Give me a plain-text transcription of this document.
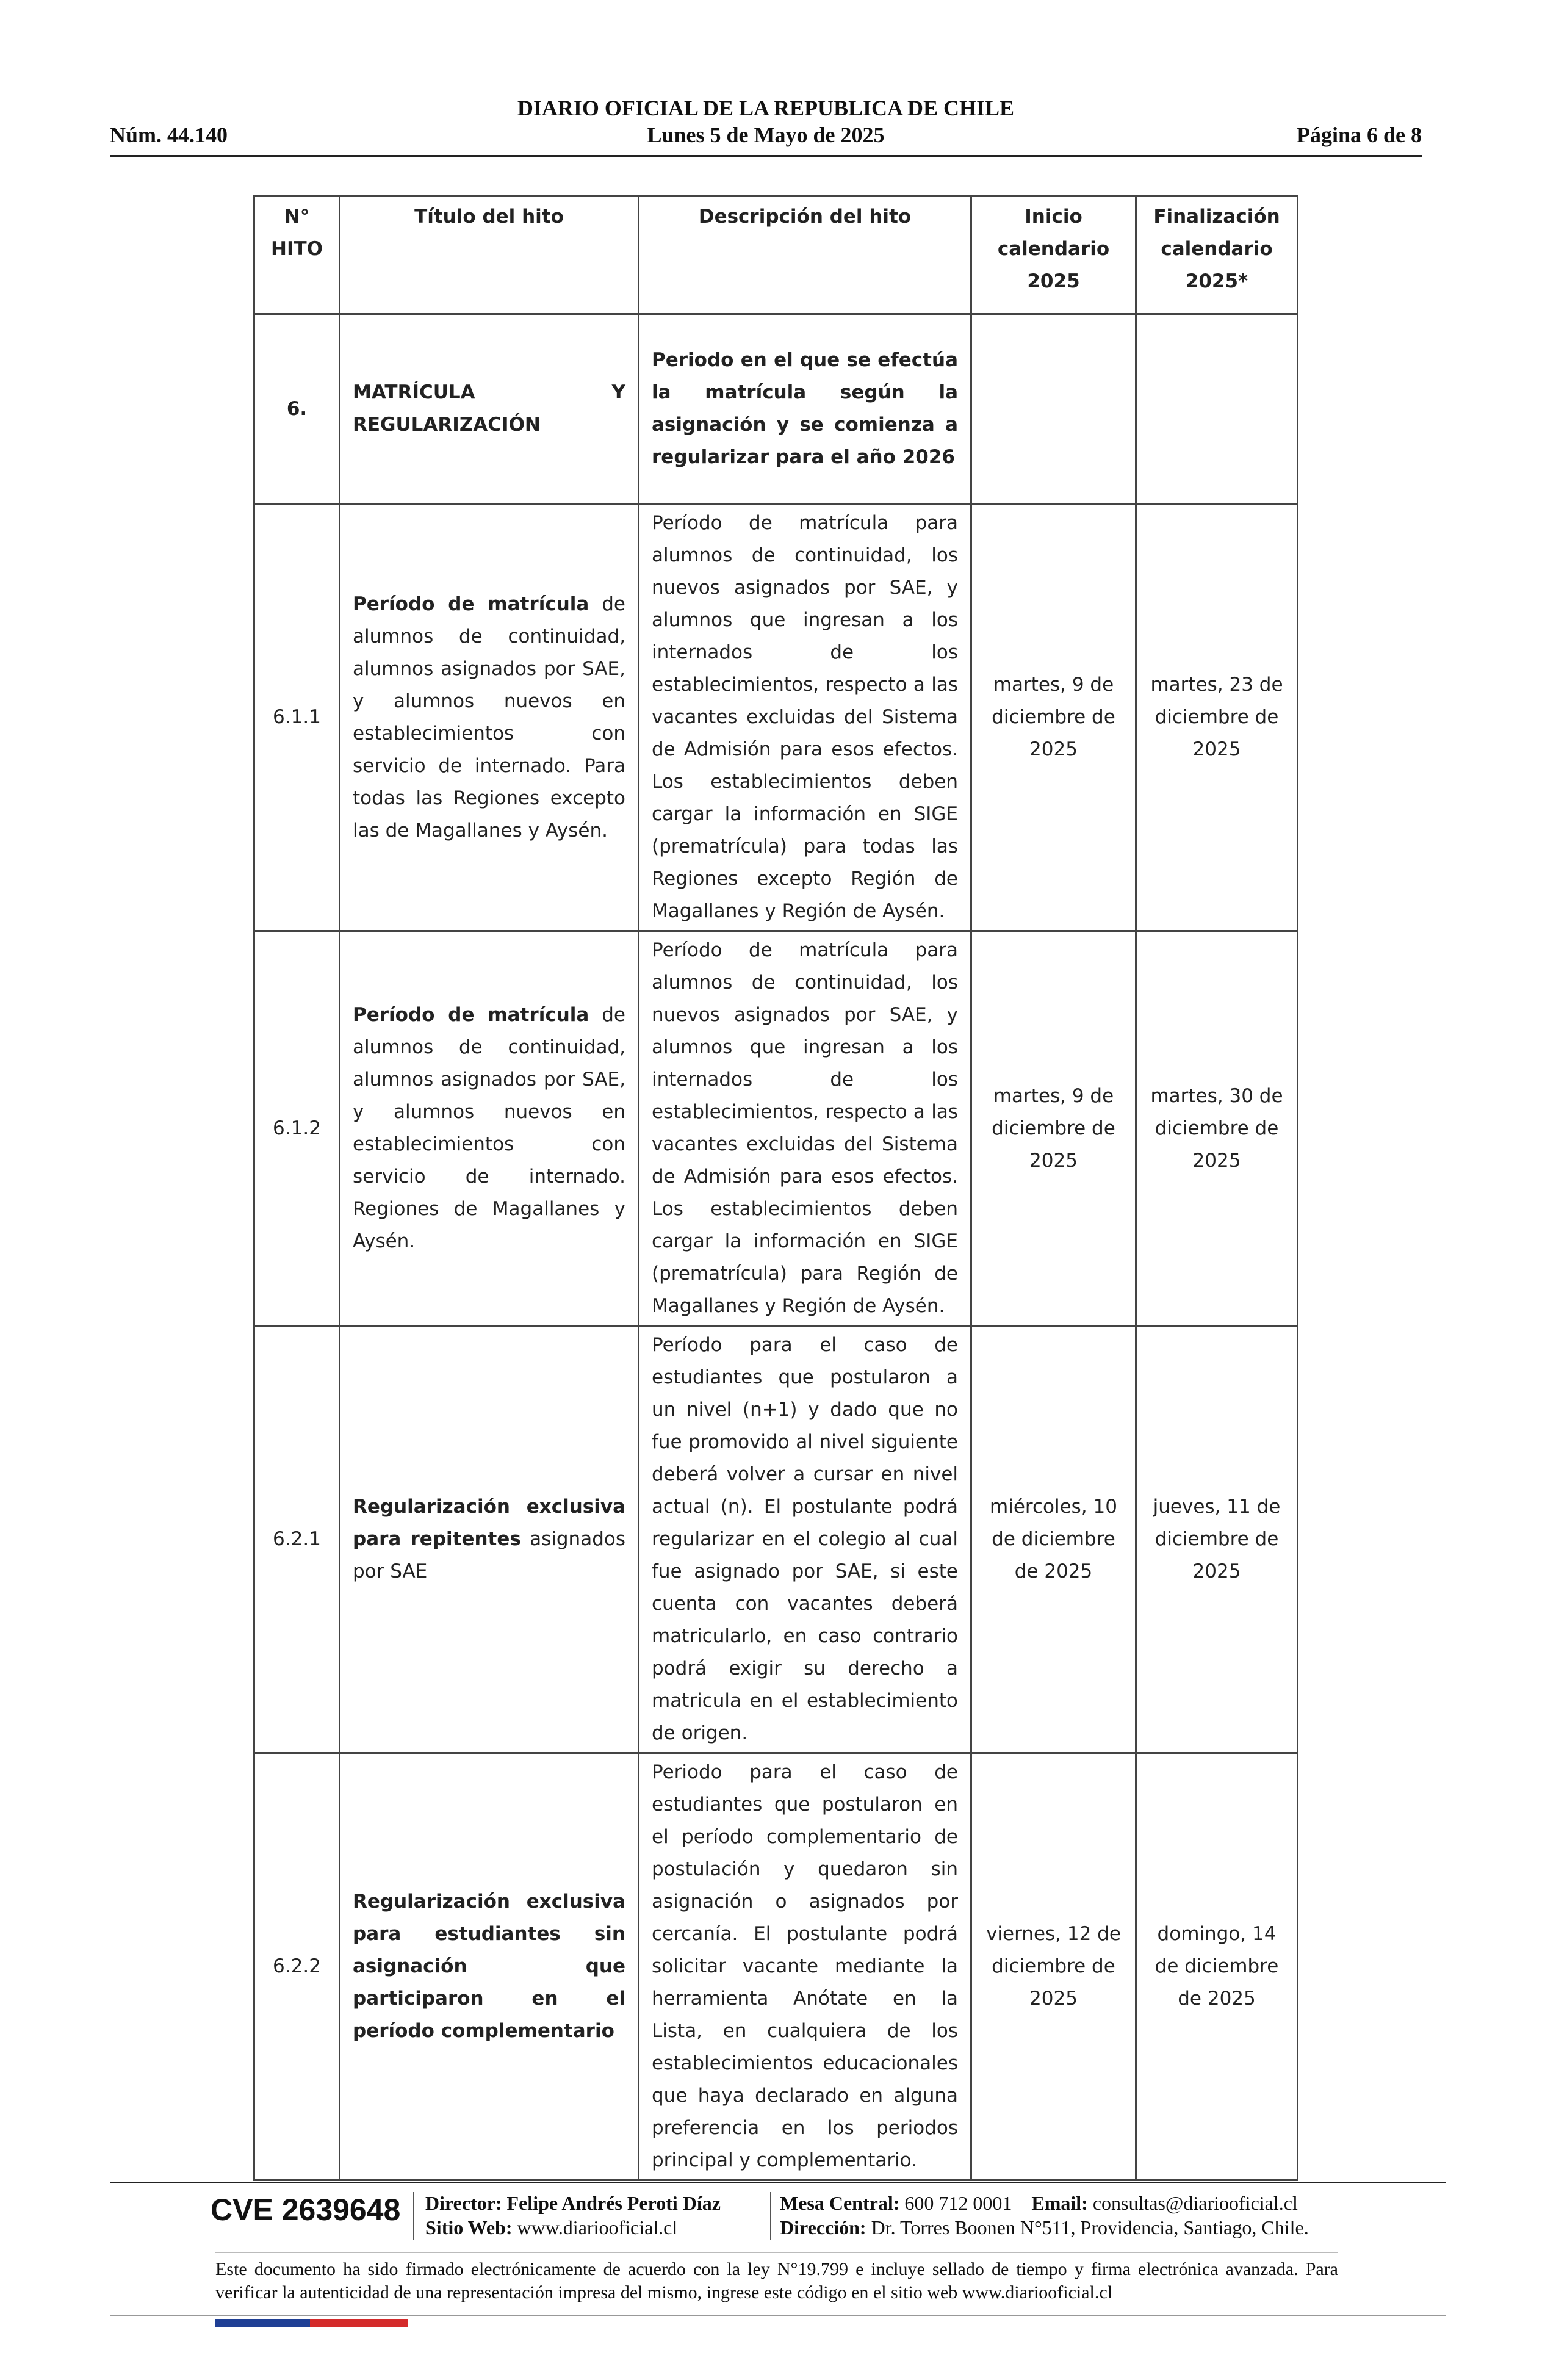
DIARIO OFICIAL DE LA REPUBLICA DE CHILE
Núm. 44.140	Lunes 5 de Mayo de 2025	Página 6 de 8
N° HITO	Título del hito	Descripción del hito	Inicio calendario 2025	Finalización calendario 2025*
6.	MATRÍCULA Y REGULARIZACIÓN	Periodo en el que se efectúa la matrícula según la asignación y se comienza a regularizar para el año 2026		
6.1.1	Período de matrícula de alumnos de continuidad, alumnos asignados por SAE, y alumnos nuevos en establecimientos con servicio de internado. Para todas las Regiones excepto las de Magallanes y Aysén.	Período de matrícula para alumnos de continuidad, los nuevos asignados por SAE, y alumnos que ingresan a los internados de los establecimientos, respecto a las vacantes excluidas del Sistema de Admisión para esos efectos. Los establecimientos deben cargar la información en SIGE (prematrícula) para todas las Regiones excepto Región de Magallanes y Región de Aysén.	martes, 9 de diciembre de 2025	martes, 23 de diciembre de 2025
6.1.2	Período de matrícula de alumnos de continuidad, alumnos asignados por SAE, y alumnos nuevos en establecimientos con servicio de internado. Regiones de Magallanes y Aysén.	Período de matrícula para alumnos de continuidad, los nuevos asignados por SAE, y alumnos que ingresan a los internados de los establecimientos, respecto a las vacantes excluidas del Sistema de Admisión para esos efectos. Los establecimientos deben cargar la información en SIGE (prematrícula) para Región de Magallanes y Región de Aysén.	martes, 9 de diciembre de 2025	martes, 30 de diciembre de 2025
6.2.1	Regularización exclusiva para repitentes asignados por SAE	Período para el caso de estudiantes que postularon a un nivel (n+1) y dado que no fue promovido al nivel siguiente deberá volver a cursar en nivel actual (n). El postulante podrá regularizar en el colegio al cual fue asignado por SAE, si este cuenta con vacantes deberá matricularlo, en caso contrario podrá exigir su derecho a matricula en el establecimiento de origen.	miércoles, 10 de diciembre de 2025	jueves, 11 de diciembre de 2025
6.2.2	Regularización exclusiva para estudiantes sin asignación que participaron en el período complementario	Periodo para el caso de estudiantes que postularon en el período complementario de postulación y quedaron sin asignación o asignados por cercanía. El postulante podrá solicitar vacante mediante la herramienta Anótate en la Lista, en cualquiera de los establecimientos educacionales que haya declarado en alguna preferencia en los periodos principal y complementario.	viernes, 12 de diciembre de 2025	domingo, 14 de diciembre de 2025
CVE 2639648 Director: Felipe Andrés Peroti Díaz
Sitio Web: www.diariooficial.cl
Mesa Central: 600 712 0001 Email: consultas@diariooficial.cl
Dirección: Dr. Torres Boonen N°511, Providencia, Santiago, Chile.
Este documento ha sido firmado electrónicamente de acuerdo con la ley N°19.799 e incluye sellado de tiempo y firma electrónica avanzada. Para verificar la autenticidad de una representación impresa del mismo, ingrese este código en el sitio web www.diariooficial.cl
